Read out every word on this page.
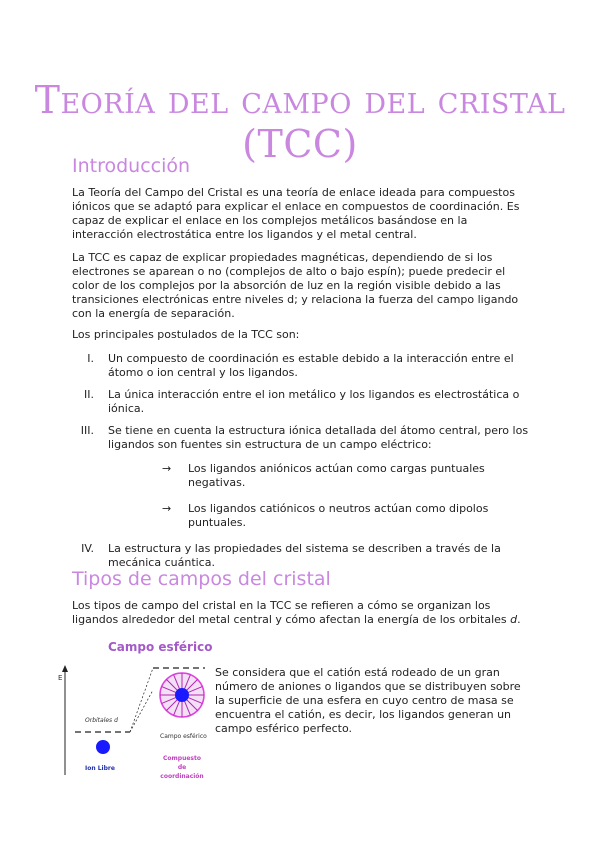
Teoría del campo del cristal (TCC)
Introducción
La Teoría del Campo del Cristal es una teoría de enlace ideada para compuestos iónicos que se adaptó para explicar el enlace en compuestos de coordinación. Es capaz de explicar el enlace en los complejos metálicos basándose en la interacción electrostática entre los ligandos y el metal central.
La TCC es capaz de explicar propiedades magnéticas, dependiendo de si los electrones se aparean o no (complejos de alto o bajo espín); puede predecir el color de los complejos por la absorción de luz en la región visible debido a las transiciones electrónicas entre niveles d; y relaciona la fuerza del campo ligando con la energía de separación.
Los principales postulados de la TCC son:
I. Un compuesto de coordinación es estable debido a la interacción entre el átomo o ion central y los ligandos.
II. La única interacción entre el ion metálico y los ligandos es electrostática o iónica.
III. Se tiene en cuenta la estructura iónica detallada del átomo central, pero los ligandos son fuentes sin estructura de un campo eléctrico:
→ Los ligandos aniónicos actúan como cargas puntuales negativas.
→ Los ligandos catiónicos o neutros actúan como dipolos puntuales.
IV. La estructura y las propiedades del sistema se describen a través de la mecánica cuántica.
Tipos de campos del cristal
Los tipos de campo del cristal en la TCC se refieren a cómo se organizan los ligandos alrededor del metal central y cómo afectan la energía de los orbitales d.
Campo esférico
E
Orbitales d
Campo esférico
Ion Libre
Compuesto de coordinación
Se considera que el catión está rodeado de un gran número de aniones o ligandos que se distribuyen sobre la superficie de una esfera en cuyo centro de masa se encuentra el catión, es decir, los ligandos generan un campo esférico perfecto.
